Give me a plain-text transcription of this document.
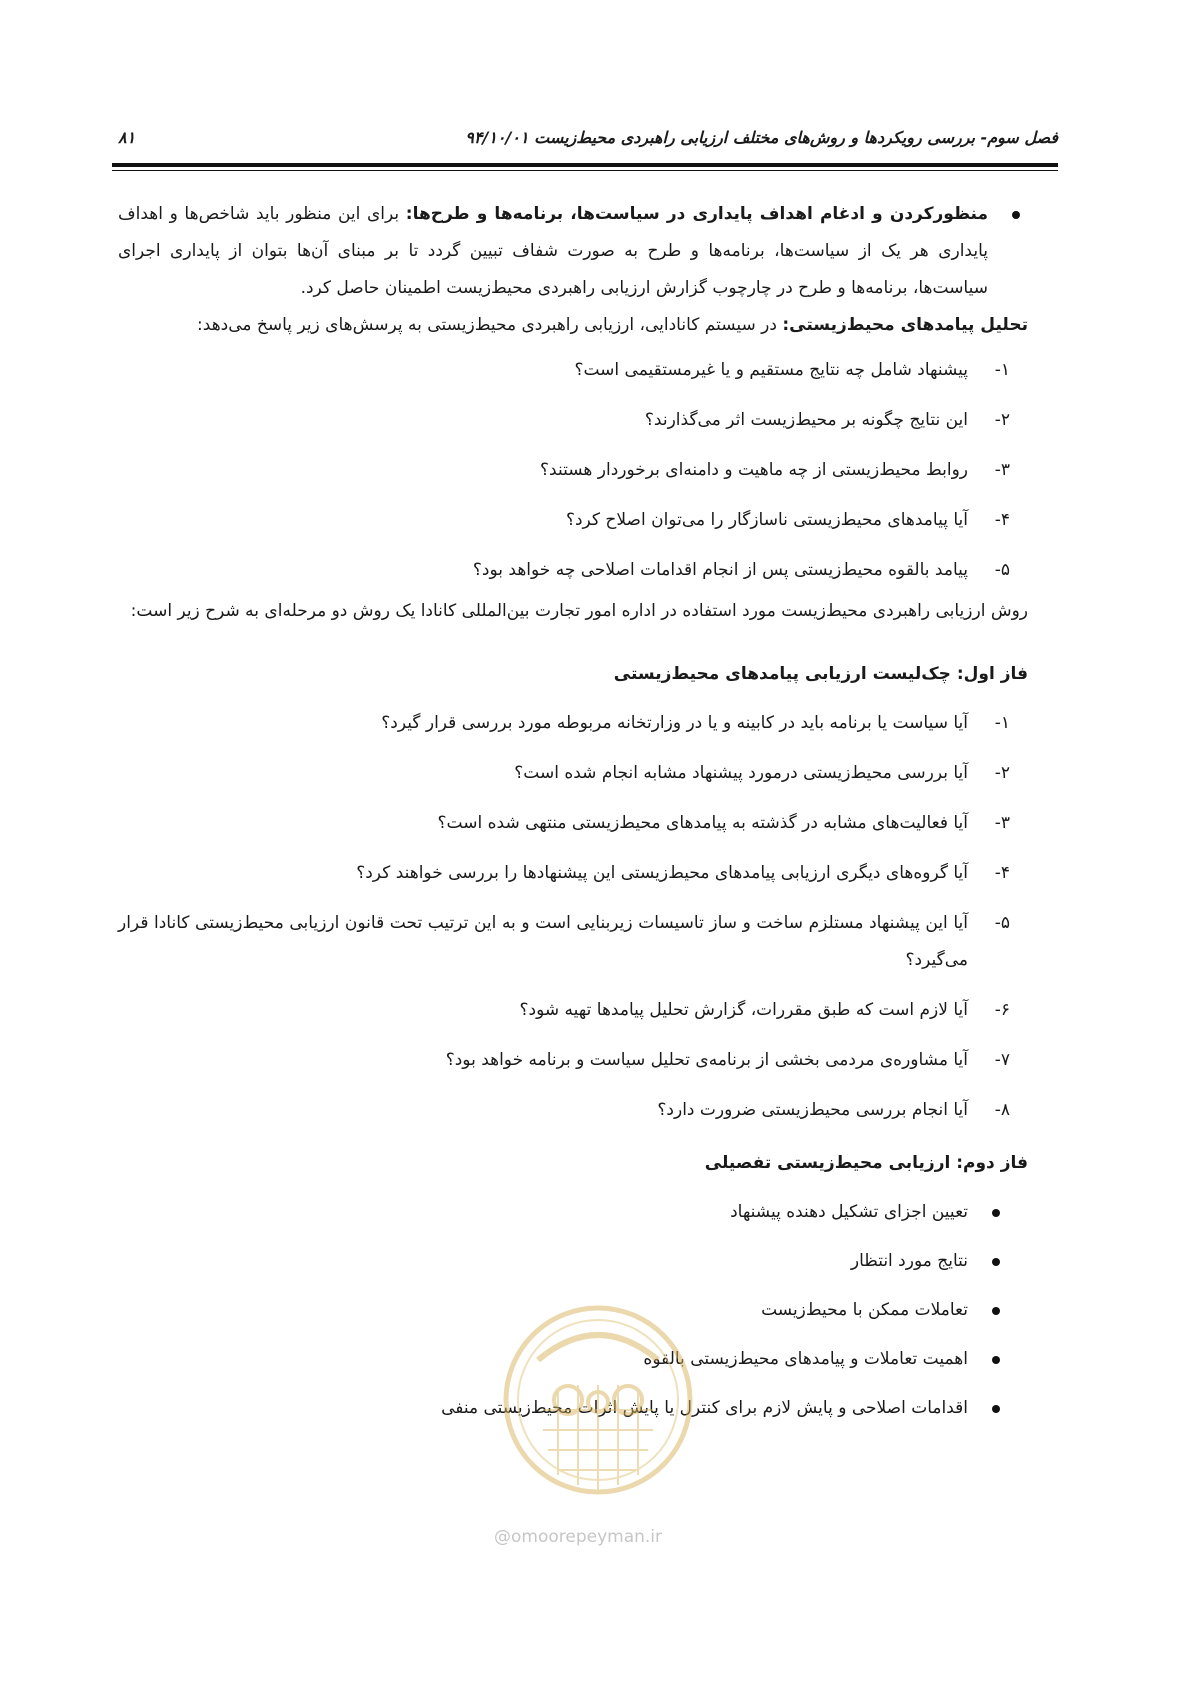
فصل سوم- بررسی رویکردها و روش‌های مختلف ارزیابی راهبردی محیط‌زیست ۹۴/۱۰/۰۱
۸۱

منظورکردن و ادغام اهداف پایداری در سیاست‌ها، برنامه‌ها و طرح‌ها: برای این منظور باید شاخص‌ها و اهداف پایداری هر یک از سیاست‌ها، برنامه‌ها و طرح به صورت شفاف تبیین گردد تا بر مبنای آن‌ها بتوان از پایداری اجرای سیاست‌ها، برنامه‌ها و طرح در چارچوب گزارش ارزیابی راهبردی محیط‌زیست اطمینان حاصل کرد.

تحلیل پیامدهای محیط‌زیستی: در سیستم کانادایی، ارزیابی راهبردی محیط‌زیستی به پرسش‌های زیر پاسخ می‌دهد:

۱-
پیشنهاد شامل چه نتایج مستقیم و یا غیرمستقیمی است؟
۲-
این نتایج چگونه بر محیط‌زیست اثر می‌گذارند؟
۳-
روابط محیط‌زیستی از چه ماهیت و دامنه‌ای برخوردار هستند؟
۴-
آیا پیامدهای محیط‌زیستی ناسازگار را می‌توان اصلاح کرد؟
۵-
پیامد بالقوه محیط‌زیستی پس از انجام اقدامات اصلاحی چه خواهد بود؟

روش ارزیابی راهبردی محیط‌زیست مورد استفاده در اداره امور تجارت بین‌المللی کانادا یک روش دو مرحله‌ای به شرح زیر است:

فاز اول: چک‌لیست ارزیابی پیامدهای محیط‌زیستی
۱-
آیا سیاست یا برنامه باید در کابینه و یا در وزارتخانه مربوطه مورد بررسی قرار گیرد؟
۲-
آیا بررسی محیط‌زیستی درمورد پیشنهاد مشابه انجام شده است؟
۳-
آیا فعالیت‌های مشابه در گذشته به پیامدهای محیط‌زیستی منتهی شده است؟
۴-
آیا گروه‌های دیگری ارزیابی پیامدهای محیط‌زیستی این پیشنهادها را بررسی خواهند کرد؟
۵-
آیا این پیشنهاد مستلزم ساخت و ساز تاسیسات زیربنایی است و به این ترتیب تحت قانون ارزیابی محیط‌زیستی کانادا قرار می‌گیرد؟
۶-
آیا لازم است که طبق مقررات، گزارش تحلیل پیامدها تهیه شود؟
۷-
آیا مشاوره‌ی مردمی بخشی از برنامه‌ی تحلیل سیاست و برنامه خواهد بود؟
۸-
آیا انجام بررسی محیط‌زیستی ضرورت دارد؟
فاز دوم: ارزیابی محیط‌زیستی تفصیلی
تعیین اجزای تشکیل دهنده پیشنهاد
نتایج مورد انتظار
تعاملات ممکن با محیط‌زیست
اهمیت تعاملات و پیامدهای محیط‌زیستی بالقوه
اقدامات اصلاحی و پایش لازم برای کنترل یا پایش اثرات محیط‌زیستی منفی
@omoorepeyman.ir
